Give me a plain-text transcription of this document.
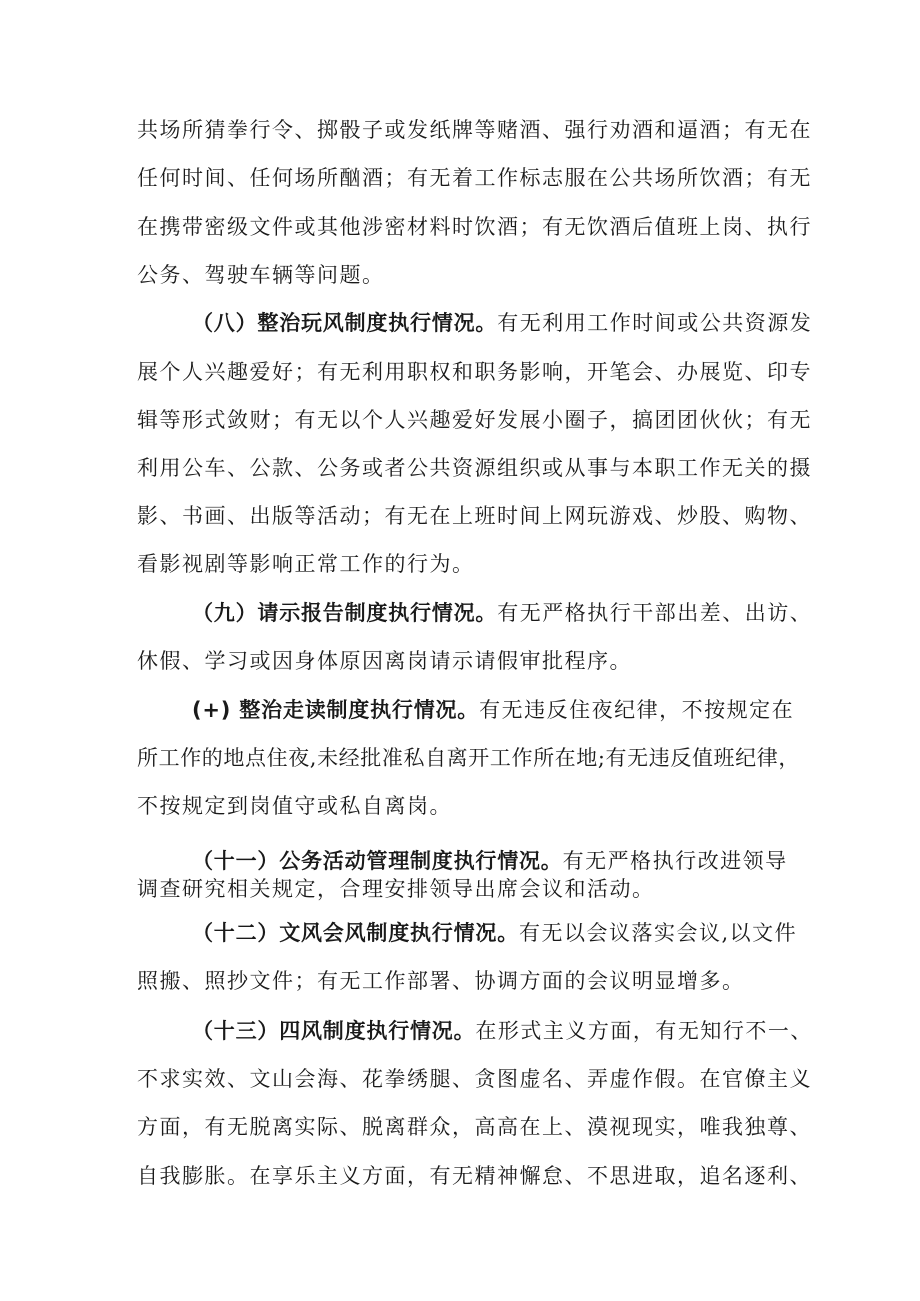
共场所猜拳行令、掷骰子或发纸牌等赌酒、强行劝酒和逼酒；有无在

任何时间、任何场所酗酒；有无着工作标志服在公共场所饮酒；有无

在携带密级文件或其他涉密材料时饮酒；有无饮酒后值班上岗、执行

公务、驾驶车辆等问题。

（八）整治玩风制度执行情况。有无利用工作时间或公共资源发

展个人兴趣爱好；有无利用职权和职务影响，开笔会、办展览、印专

辑等形式敛财；有无以个人兴趣爱好发展小圈子，搞团团伙伙；有无

利用公车、公款、公务或者公共资源组织或从事与本职工作无关的摄

影、书画、出版等活动；有无在上班时间上网玩游戏、炒股、购物、

看影视剧等影响正常工作的行为。

（九）请示报告制度执行情况。有无严格执行干部出差、出访、

休假、学习或因身体原因离岗请示请假审批程序。

(+) 整治走读制度执行情况。有无违反住夜纪律，不按规定在

所工作的地点住夜,未经批准私自离开工作所在地;有无违反值班纪律，

不按规定到岗值守或私自离岗。

（十一）公务活动管理制度执行情况。有无严格执行改进领导

调查研究相关规定，合理安排领导出席会议和活动。

（十二）文风会风制度执行情况。有无以会议落实会议,以文件

照搬、照抄文件；有无工作部署、协调方面的会议明显增多。

（十三）四风制度执行情况。在形式主义方面，有无知行不一、

不求实效、文山会海、花拳绣腿、贪图虚名、弄虚作假。在官僚主义

方面，有无脱离实际、脱离群众，高高在上、漠视现实，唯我独尊、

自我膨胀。在享乐主义方面，有无精神懈怠、不思进取，追名逐利、
